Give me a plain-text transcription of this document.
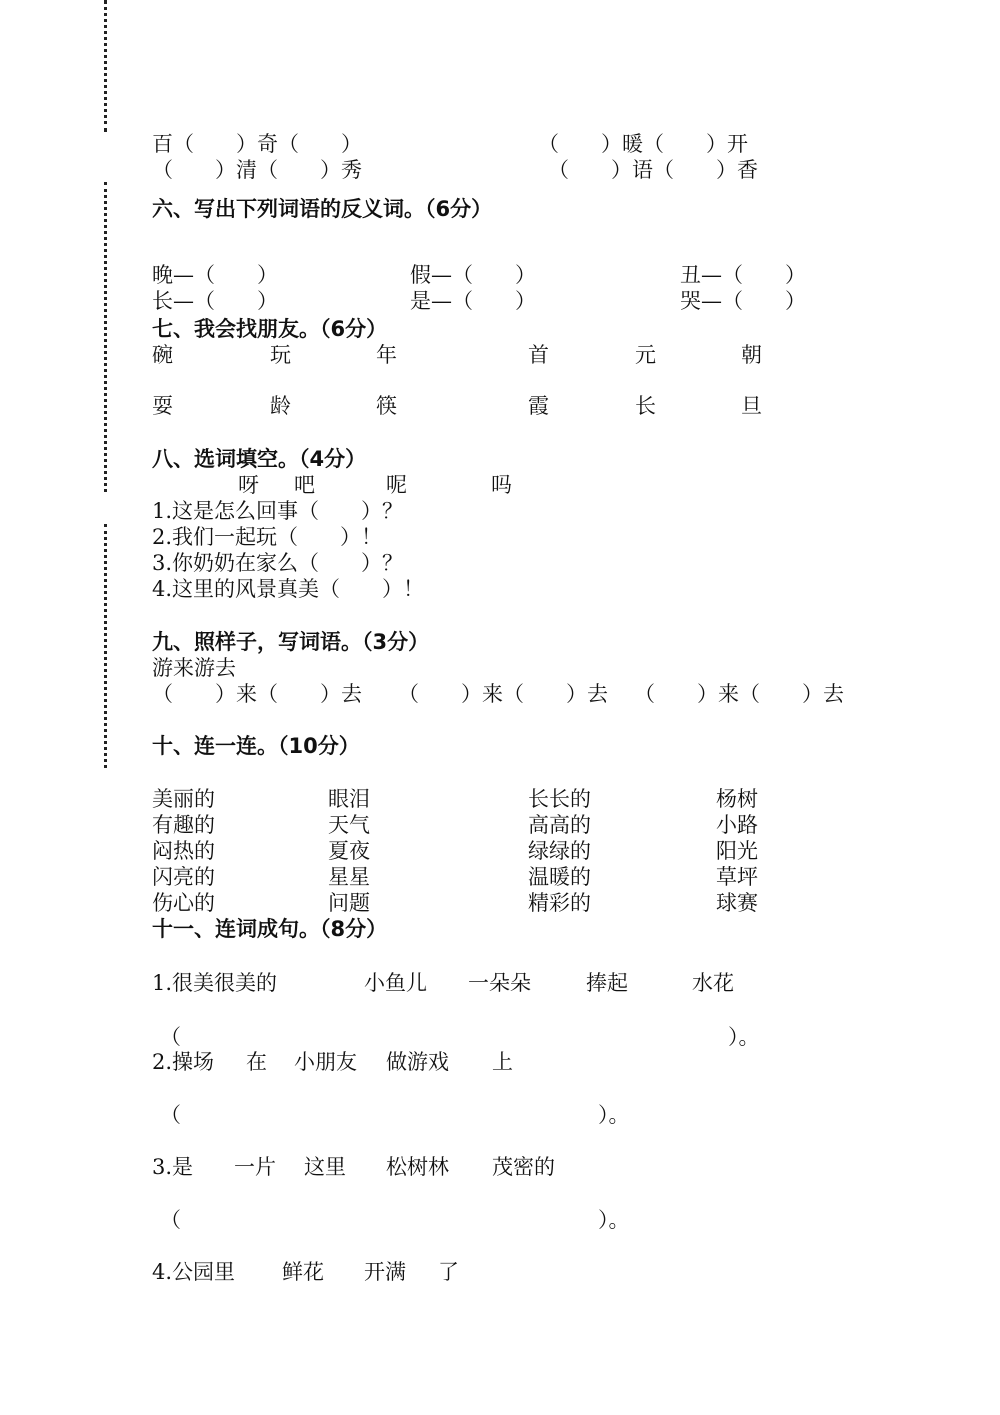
百（　　）奇（　　）	（　　）暖（　　）开
（　　）清（　　）秀	（　　）语（　　）香
六、写出下列词语的反义词。（6分）
晚—（　　）	假—（　　）	丑—（　　）
长—（　　）	是—（　　）	哭—（　　）
七、我会找朋友。（6分）
碗	玩	年	首	元	朝
耍	龄	筷	霞	长	旦
八、选词填空。（4分）
呀 吧	呢	吗
1.这是怎么回事（　　）？
2.我们一起玩（　　）！
3.你奶奶在家么（　　）？
4.这里的风景真美（　　）！
九、照样子，写词语。（3分）
游来游去
（　　）来（　　）去 （　　）来（　　）去 （　　）来（　　）去
十、连一连。（10分）
美丽的	眼泪	长长的	杨树
有趣的	天气	高高的	小路
闷热的	夏夜	绿绿的	阳光
闪亮的	星星	温暖的	草坪
伤心的	问题	精彩的	球赛
十一、连词成句。（8分）
1.很美很美的	小鱼儿 一朵朵	捧起	水花
（	）。
2.操场 在 小朋友 做游戏 上
（	）。
3.是 一片 这里 松树林 茂密的
（	）。
4.公园里 鲜花 开满 了
